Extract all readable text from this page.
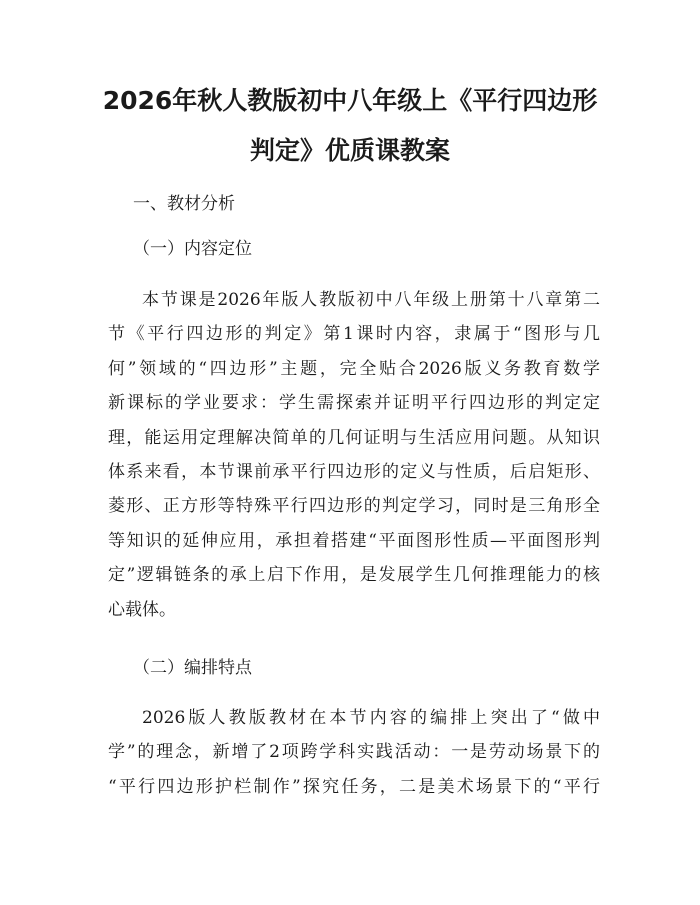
2026年秋人教版初中八年级上《平行四边形
判定》优质课教案

一、教材分析

（一）内容定位

本节课是2026年版人教版初中八年级上册第十八章第二
节《平行四边形的判定》第1课时内容，隶属于“图形与几
何”领域的“四边形”主题，完全贴合2026版义务教育数学
新课标的学业要求：学生需探索并证明平行四边形的判定定
理，能运用定理解决简单的几何证明与生活应用问题。从知识
体系来看，本节课前承平行四边形的定义与性质，后启矩形、
菱形、正方形等特殊平行四边形的判定学习，同时是三角形全
等知识的延伸应用，承担着搭建“平面图形性质—平面图形判
定”逻辑链条的承上启下作用，是发展学生几何推理能力的核
心载体。

（二）编排特点

2026版人教版教材在本节内容的编排上突出了“做中
学”的理念，新增了2项跨学科实践活动：一是劳动场景下的
“平行四边形护栏制作”探究任务，二是美术场景下的“平行
